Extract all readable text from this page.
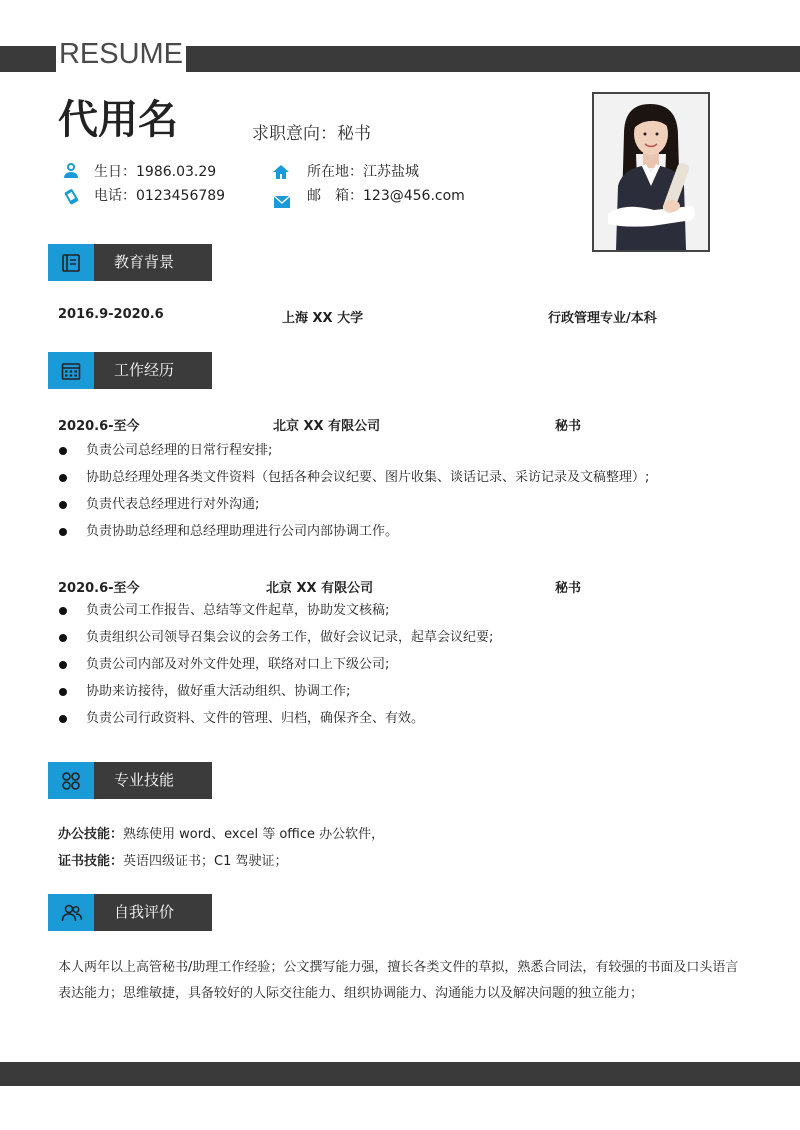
RESUME
代用名	求职意向：秘书
生日：1986.03.29	所在地：江苏盐城
电话：0123456789	邮　箱：123@456.com
教育背景
2016.9-2020.6	上海 XX 大学	行政管理专业/本科
工作经历
2020.6-至今	北京 XX 有限公司	秘书
负责公司总经理的日常行程安排;
协助总经理处理各类文件资料（包括各种会议纪要、图片收集、谈话记录、采访记录及文稿整理）;
负责代表总经理进行对外沟通;
负责协助总经理和总经理助理进行公司内部协调工作。
2020.6-至今	北京 XX 有限公司	秘书
负责公司工作报告、总结等文件起草，协助发文核稿;
负责组织公司领导召集会议的会务工作，做好会议记录，起草会议纪要;
负责公司内部及对外文件处理，联络对口上下级公司;
协助来访接待，做好重大活动组织、协调工作;
负责公司行政资料、文件的管理、归档，确保齐全、有效。
专业技能
办公技能：熟练使用 word、excel 等 office 办公软件，
证书技能：英语四级证书；C1 驾驶证；
自我评价
本人两年以上高管秘书/助理工作经验；公文撰写能力强，擅长各类文件的草拟，熟悉合同法，有较强的书面及口头语言表达能力；思维敏捷，具备较好的人际交往能力、组织协调能力、沟通能力以及解决问题的独立能力；
